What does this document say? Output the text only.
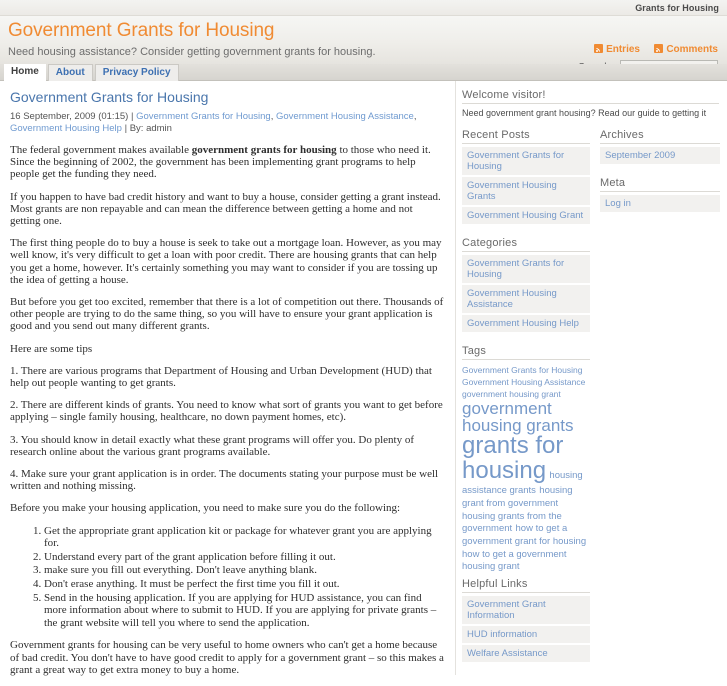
Grants for Housing
Government Grants for Housing
Need housing assistance? Consider getting government grants for housing.	Entries	Comments
Home About Privacy Policy
Government Grants for Housing
16 September, 2009 (01:15) | Government Grants for Housing, Government Housing Assistance, Government Housing Help | By: admin

The federal government makes available government grants for housing to those who need it. Since the beginning of 2002, the government has been implementing grant programs to help people get the funding they need.

If you happen to have bad credit history and want to buy a house, consider getting a grant instead. Most grants are non repayable and can mean the difference between getting a home and not getting one.

The first thing people do to buy a house is seek to take out a mortgage loan. However, as you may well know, it's very difficult to get a loan with poor credit. There are housing grants that can help you get a home, however. It's certainly something you may want to consider if you are tossing up the idea of getting a house.

But before you get too excited, remember that there is a lot of competition out there. Thousands of other people are trying to do the same thing, so you will have to ensure your grant application is good and you send out many different grants.

Here are some tips

1. There are various programs that Department of Housing and Urban Development (HUD) that help out people wanting to get grants.

2. There are different kinds of grants. You need to know what sort of grants you want to get before applying – single family housing, healthcare, no down payment homes, etc).

3. You should know in detail exactly what these grant programs will offer you. Do plenty of research online about the various grant programs available.

4. Make sure your grant application is in order. The documents stating your purpose must be well written and nothing missing.

Before you make your housing application, you need to make sure you do the following:

1. Get the appropriate grant application kit or package for whatever grant you are applying for.
2. Understand every part of the grant application before filling it out.
3. make sure you fill out everything. Don't leave anything blank.
4. Don't erase anything. It must be perfect the first time you fill it out.
5. Send in the housing application. If you are applying for HUD assistance, you can find more information about where to submit to HUD. If you are applying for private grants – the grant website will tell you where to send the application.

Government grants for housing can be very useful to home owners who can't get a home because of bad credit. You don't have to have good credit to apply for a government grant – so this makes a grant a great way to get extra money to buy a home.

Welcome visitor!
Need government grant housing? Read our guide to getting it
Recent Posts
Government Grants for Housing
Government Housing Grants
Government Housing Grant
Categories
Government Grants for Housing
Government Housing Assistance
Government Housing Help
Tags
Government Grants for Housing Government Housing Assistance government housing grant government housing grants grants for housing housing assistance grants housing grant from government housing grants from the government how to get a government grant for housing how to get a government housing grant
Helpful Links
Government Grant Information
HUD information
Welfare Assistance
Archives
September 2009
Meta
Log in
